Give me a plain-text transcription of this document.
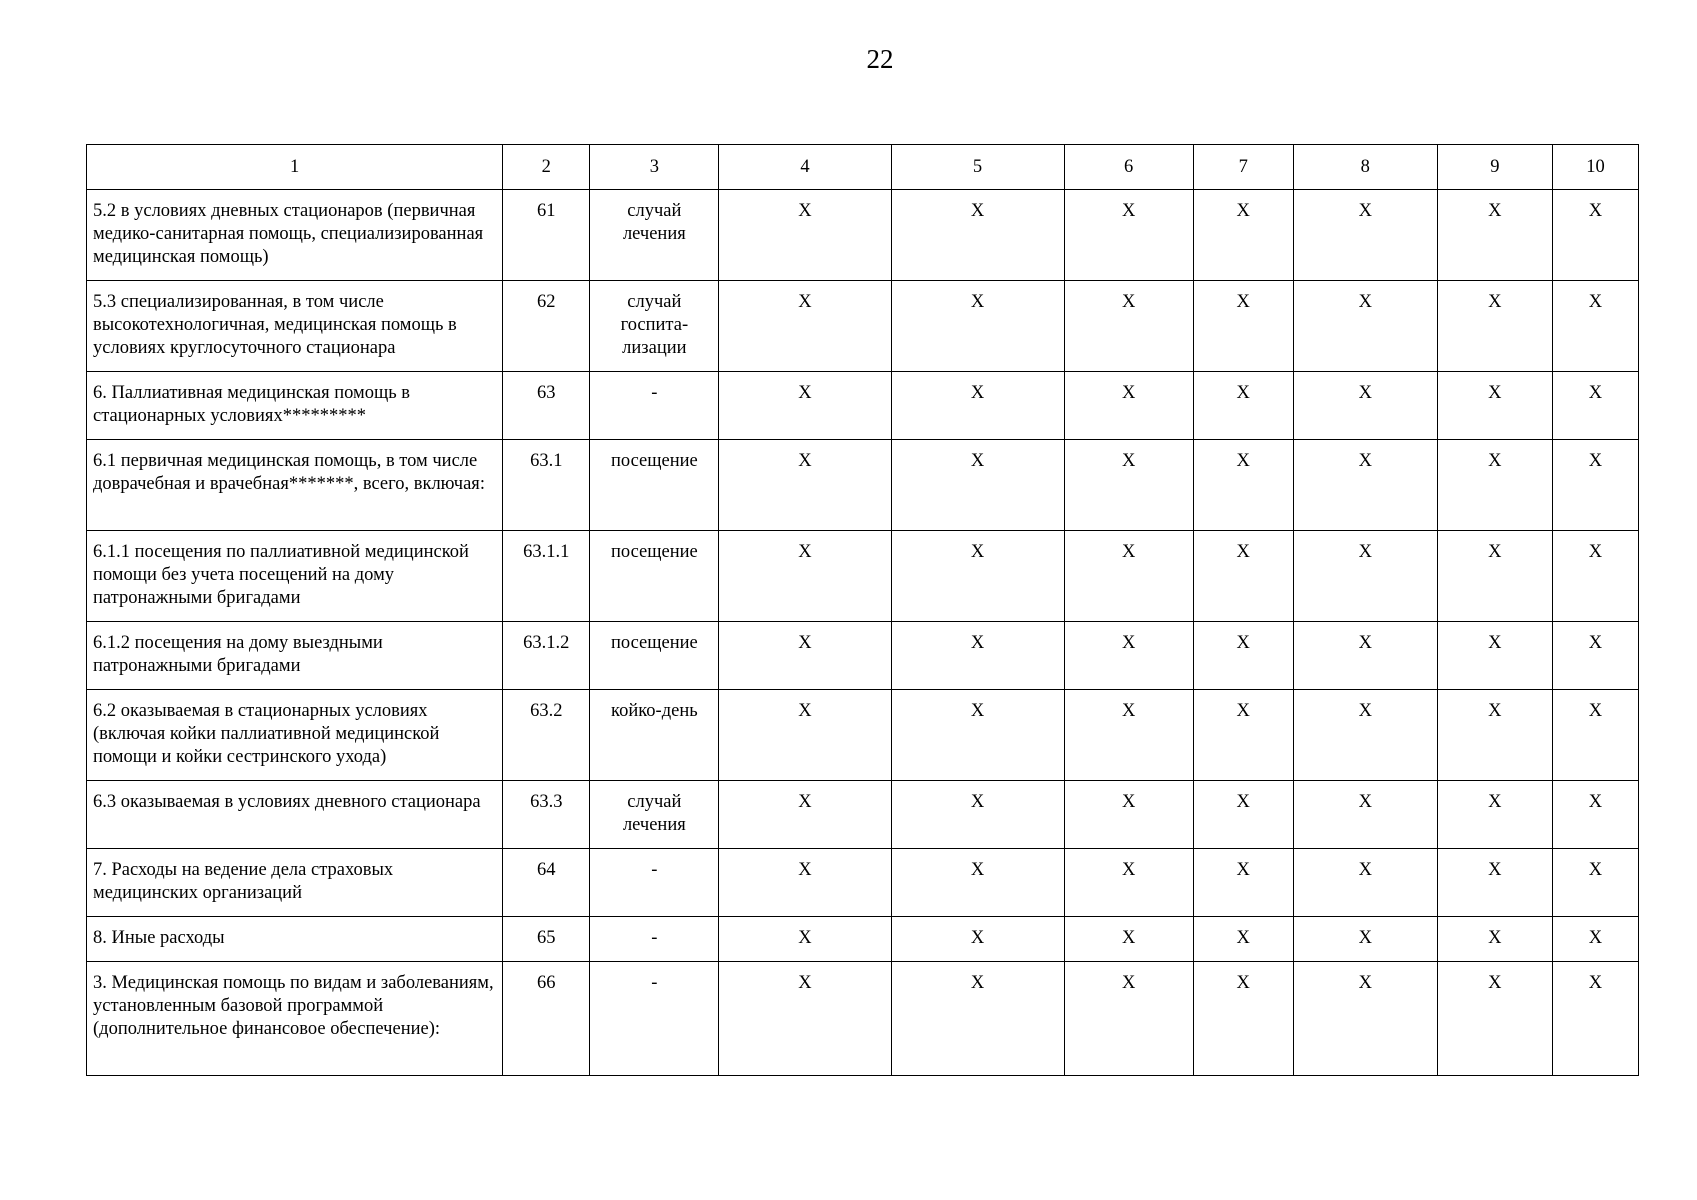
22
1	2	3	4	5	6	7	8	9	10
5.2 в условиях дневных стационаров (первичная медико-санитарная помощь, специализированная медицинская помощь)	61	случай лечения	Х	Х	Х	Х	Х	Х	Х
5.3 специализированная, в том числе высокотехнологичная, медицинская помощь в условиях круглосуточного стационара	62	случай госпита-лизации	Х	Х	Х	Х	Х	Х	Х
6. Паллиативная медицинская помощь в стационарных условиях*********	63	-	Х	Х	Х	Х	Х	Х	Х
6.1 первичная медицинская помощь, в том числе доврачебная и врачебная*******, всего, включая:	63.1	посещение	Х	Х	Х	Х	Х	Х	Х
6.1.1 посещения по паллиативной медицинской помощи без учета посещений на дому патронажными бригадами	63.1.1	посещение	Х	Х	Х	Х	Х	Х	Х
6.1.2 посещения на дому выездными патронажными бригадами	63.1.2	посещение	Х	Х	Х	Х	Х	Х	Х
6.2 оказываемая в стационарных условиях (включая койки паллиативной медицинской помощи и койки сестринского ухода)	63.2	койко-день	Х	Х	Х	Х	Х	Х	Х
6.3 оказываемая в условиях дневного стационара	63.3	случай лечения	Х	Х	Х	Х	Х	Х	Х
7. Расходы на ведение дела страховых медицинских организаций	64	-	Х	Х	Х	Х	Х	Х	Х
8. Иные расходы	65	-	Х	Х	Х	Х	Х	Х	Х
3. Медицинская помощь по видам и заболеваниям, установленным базовой программой (дополнительное финансовое обеспечение):	66	-	Х	Х	Х	Х	Х	Х	Х
